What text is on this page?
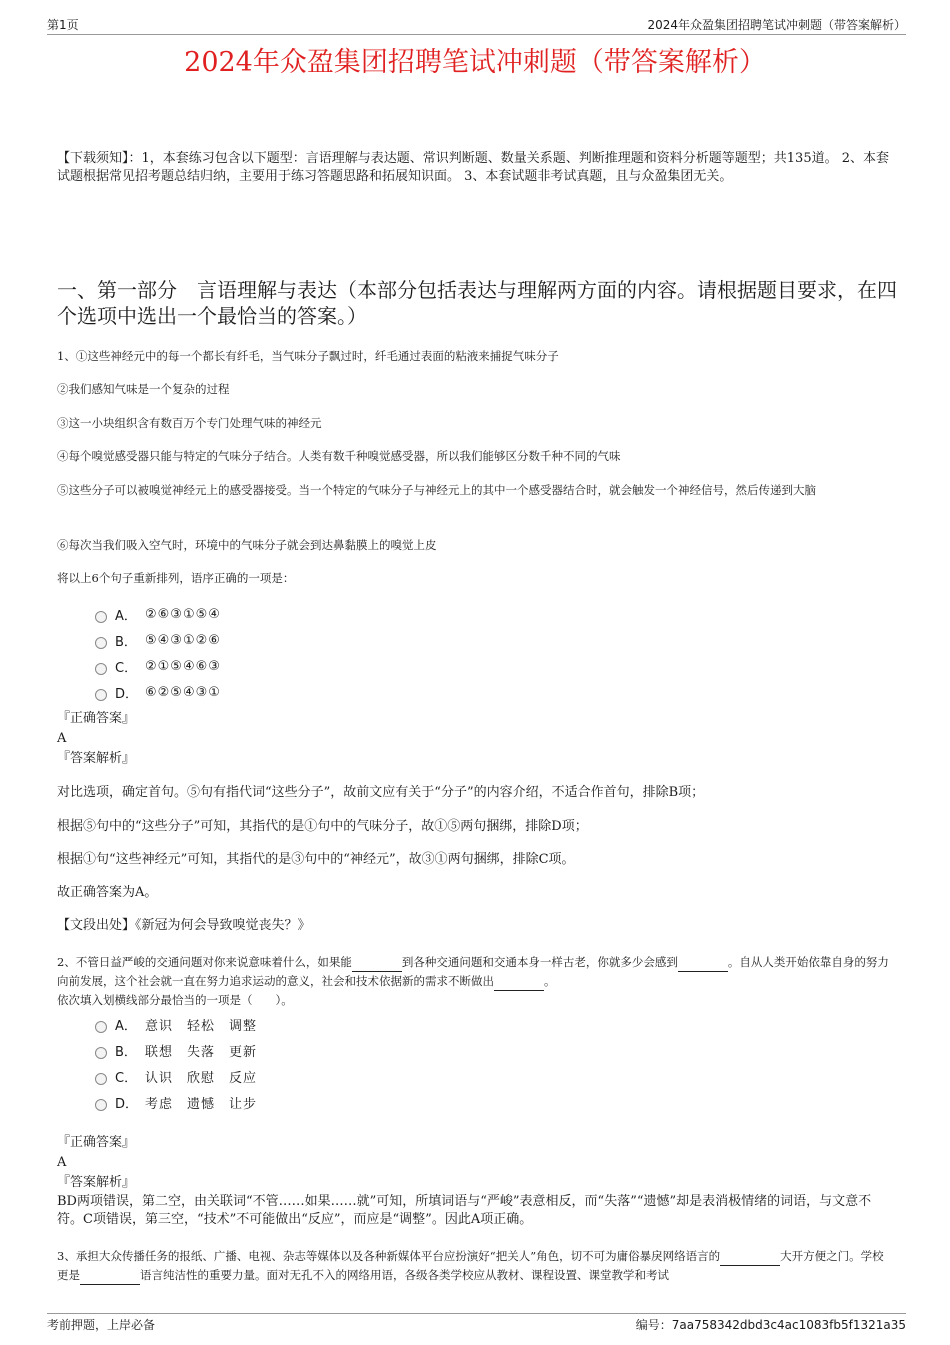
第1页	2024年众盈集团招聘笔试冲刺题（带答案解析）
2024年众盈集团招聘笔试冲刺题（带答案解析）
【下载须知】：1，本套练习包含以下题型：言语理解与表达题、常识判断题、数量关系题、判断推理题和资料分析题等题型；共135道。 2、本套试题根据常见招考题总结归纳，主要用于练习答题思路和拓展知识面。 3、本套试题非考试真题，且与众盈集团无关。
一、第一部分　言语理解与表达（本部分包括表达与理解两方面的内容。请根据题目要求，在四个选项中选出一个最恰当的答案。）
1、①这些神经元中的每一个都长有纤毛，当气味分子飘过时，纤毛通过表面的粘液来捕捉气味分子
②我们感知气味是一个复杂的过程
③这一小块组织含有数百万个专门处理气味的神经元
④每个嗅觉感受器只能与特定的气味分子结合。人类有数千种嗅觉感受器，所以我们能够区分数千种不同的气味
⑤这些分子可以被嗅觉神经元上的感受器接受。当一个特定的气味分子与神经元上的其中一个感受器结合时，就会触发一个神经信号，然后传递到大脑
⑥每次当我们吸入空气时，环境中的气味分子就会到达鼻黏膜上的嗅觉上皮
将以上6个句子重新排列，语序正确的一项是：
A． ②⑥③①⑤④
B． ⑤④③①②⑥
C． ②①⑤④⑥③
D． ⑥②⑤④③①
『正确答案』
A
『答案解析』
对比选项，确定首句。⑤句有指代词“这些分子”，故前文应有关于“分子”的内容介绍，不适合作首句，排除B项；
根据⑤句中的“这些分子”可知，其指代的是①句中的气味分子，故①⑤两句捆绑，排除D项；
根据①句“这些神经元”可知，其指代的是③句中的“神经元”，故③①两句捆绑，排除C项。
故正确答案为A。
【文段出处】《新冠为何会导致嗅觉丧失？》
2、不管日益严峻的交通问题对你来说意味着什么，如果能	到各种交通问题和交通本身一样古老，你就多少会感到	。自从人类开始依靠自身的努力向前发展，这个社会就一直在努力追求运动的意义，社会和技术依据新的需求不断做出	。
依次填入划横线部分最恰当的一项是（　　）。
A． 意识 轻松 调整
B． 联想 失落 更新
C． 认识 欣慰 反应
D． 考虑 遗憾 让步
『正确答案』
A
『答案解析』
BD两项错误，第二空，由关联词“不管……如果……就”可知，所填词语与“严峻”表意相反，而“失落”“遗憾”却是表消极情绪的词语，与文意不符。C项错误，第三空，“技术”不可能做出“反应”，而应是“调整”。因此A项正确。
3、承担大众传播任务的报纸、广播、电视、杂志等媒体以及各种新媒体平台应扮演好“把关人”角色，切不可为庸俗暴戾网络语言的	大开方便之门。学校更是	语言纯洁性的重要力量。面对无孔不入的网络用语，各级各类学校应从教材、课程设置、课堂教学和考试
考前押题，上岸必备	编号：7aa758342dbd3c4ac1083fb5f1321a35
